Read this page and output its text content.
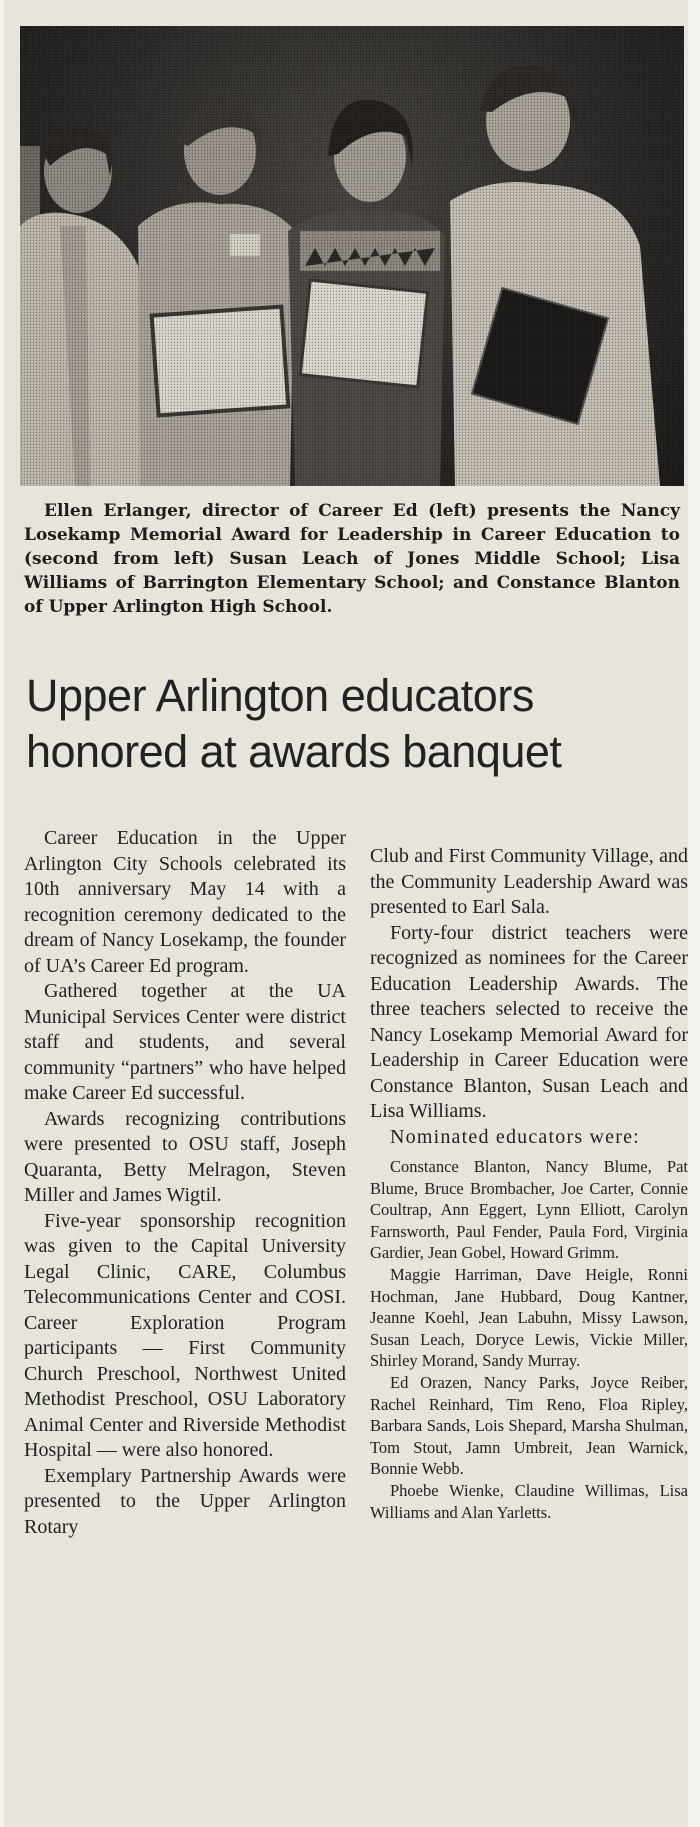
Ellen Erlanger, director of Career Ed (left) presents the Nancy Losekamp Memorial Award for Leadership in Career Education to (second from left) Susan Leach of Jones Middle School; Lisa Williams of Barrington Elementary School; and Constance Blanton of Upper Arlington High School.

Upper Arlington educators honored at awards banquet

Career Education in the Upper Arlington City Schools celebrated its 10th anniversary May 14 with a recognition ceremony dedicated to the dream of Nancy Losekamp, the founder of UA’s Career Ed program.

Gathered together at the UA Municipal Services Center were district staff and students, and several community “partners” who have helped make Career Ed successful.

Awards recognizing contributions were presented to OSU staff, Joseph Quaranta, Betty Melragon, Steven Miller and James Wigtil.

Five-year sponsorship recognition was given to the Capital University Legal Clinic, CARE, Columbus Telecommunications Center and COSI. Career Exploration Program participants — First Community Church Preschool, Northwest United Methodist Preschool, OSU Laboratory Animal Center and Riverside Methodist Hospital — were also honored.

Exemplary Partnership Awards were presented to the Upper Arlington Rotary

Club and First Community Village, and the Community Leadership Award was presented to Earl Sala.

Forty-four district teachers were recognized as nominees for the Career Education Leadership Awards. The three teachers selected to receive the Nancy Losekamp Memorial Award for Leadership in Career Education were Constance Blanton, Susan Leach and Lisa Williams.

Nominated educators were:

Constance Blanton, Nancy Blume, Pat Blume, Bruce Brombacher, Joe Carter, Connie Coultrap, Ann Eggert, Lynn Elliott, Carolyn Farnsworth, Paul Fender, Paula Ford, Virginia Gardier, Jean Gobel, Howard Grimm.

Maggie Harriman, Dave Heigle, Ronni Hochman, Jane Hubbard, Doug Kantner, Jeanne Koehl, Jean Labuhn, Missy Lawson, Susan Leach, Doryce Lewis, Vickie Miller, Shirley Morand, Sandy Murray.

Ed Orazen, Nancy Parks, Joyce Reiber, Rachel Reinhard, Tim Reno, Floa Ripley, Barbara Sands, Lois Shepard, Marsha Shulman, Tom Stout, Jamn Umbreit, Jean Warnick, Bonnie Webb.

Phoebe Wienke, Claudine Willimas, Lisa Williams and Alan Yarletts.
